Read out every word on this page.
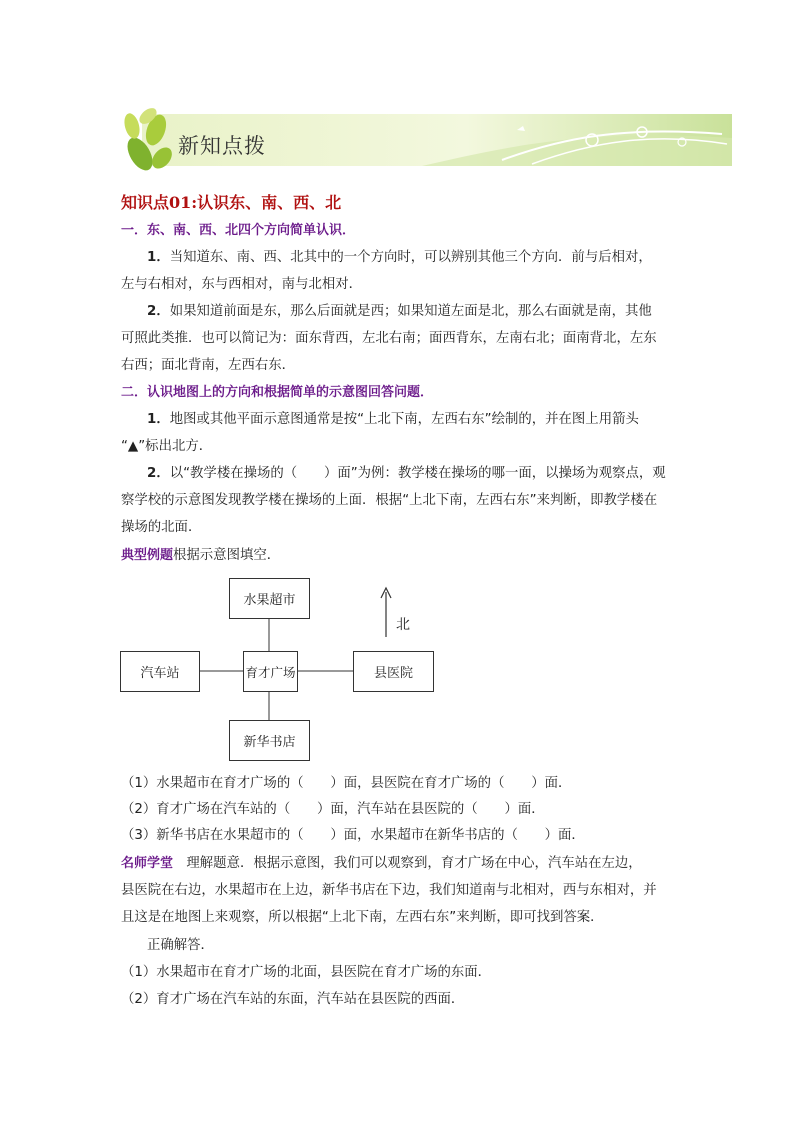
新知点拨
知识点01:认识东、南、西、北
一．东、南、西、北四个方向简单认识．
1．当知道东、南、西、北其中的一个方向时，可以辨别其他三个方向．前与后相对，
左与右相对，东与西相对，南与北相对．
2．如果知道前面是东，那么后面就是西；如果知道左面是北，那么右面就是南，其他
可照此类推．也可以简记为：面东背西，左北右南；面西背东，左南右北；面南背北，左东
右西；面北背南，左西右东．
二．认识地图上的方向和根据简单的示意图回答问题．
1．地图或其他平面示意图通常是按“上北下南，左西右东”绘制的，并在图上用箭头
“▲”标出北方．
2．以“教学楼在操场的（　　）面”为例：教学楼在操场的哪一面，以操场为观察点，观
察学校的示意图发现教学楼在操场的上面．根据“上北下南，左西右东”来判断，即教学楼在
操场的北面．
典型例题根据示意图填空．
北
水果超市
汽车站	育才广场	县医院
新华书店
（1）水果超市在育才广场的（　　）面，县医院在育才广场的（　　）面．
（2）育才广场在汽车站的（　　）面，汽车站在县医院的（　　）面．
（3）新华书店在水果超市的（　　）面，水果超市在新华书店的（　　）面．
名师学堂　 理解题意．根据示意图，我们可以观察到，育才广场在中心，汽车站在左边，
县医院在右边，水果超市在上边，新华书店在下边，我们知道南与北相对，西与东相对，并
且这是在地图上来观察，所以根据“上北下南，左西右东”来判断，即可找到答案．
正确解答．
（1）水果超市在育才广场的北面，县医院在育才广场的东面．
（2）育才广场在汽车站的东面，汽车站在县医院的西面．
